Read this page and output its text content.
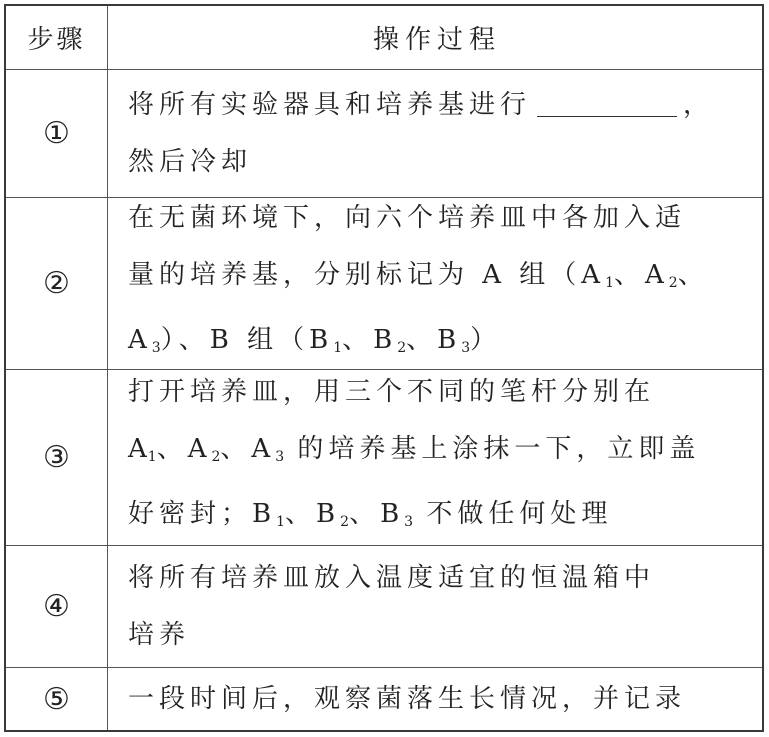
步骤	操作过程
①
将所有实验器具和培养基进行	，
然后冷却
②
在无菌环境下，向六个培养皿中各加入适
量的培养基，分别标记为 A 组（$A_1$、$A_2$、
$A_3$）、B 组（$B_1$、$B_2$、$B_3$）
③
打开培养皿，用三个不同的笔杆分别在
$A_1$、$A_2$、$A_3$ 的培养基上涂抹一下，立即盖
好密封；$B_1$、$B_2$、$B_3$ 不做任何处理
④
将所有培养皿放入温度适宜的恒温箱中
培养
⑤ 一段时间后，观察菌落生长情况，并记录
